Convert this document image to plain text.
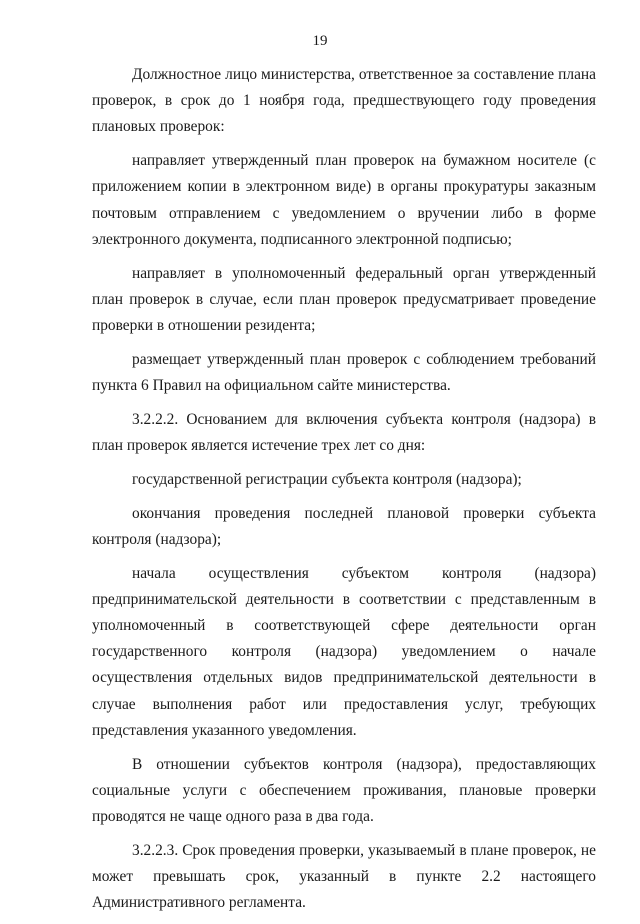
19

Должностное лицо министерства, ответственное за составление плана проверок, в срок до 1 ноября года, предшествующего году проведения плановых проверок:

направляет утвержденный план проверок на бумажном носителе (с приложением копии в электронном виде) в органы прокуратуры заказным почтовым отправлением с уведомлением о вручении либо в форме электронного документа, подписанного электронной подписью;

направляет в уполномоченный федеральный орган утвержденный план проверок в случае, если план проверок предусматривает проведение проверки в отношении резидента;

размещает утвержденный план проверок с соблюдением требований пункта 6 Правил на официальном сайте министерства.

3.2.2.2. Основанием для включения субъекта контроля (надзора) в план проверок является истечение трех лет со дня:

государственной регистрации субъекта контроля (надзора);

окончания проведения последней плановой проверки субъекта контроля (надзора);

начала осуществления субъектом контроля (надзора) предпринимательской деятельности в соответствии с представленным в уполномоченный в соответствующей сфере деятельности орган государственного контроля (надзора) уведомлением о начале осуществления отдельных видов предпринимательской деятельности в случае выполнения работ или предоставления услуг, требующих представления указанного уведомления.

В отношении субъектов контроля (надзора), предоставляющих социальные услуги с обеспечением проживания, плановые проверки проводятся не чаще одного раза в два года.

3.2.2.3. Срок проведения проверки, указываемый в плане проверок, не может превышать срок, указанный в пункте 2.2 настоящего Административного регламента.
